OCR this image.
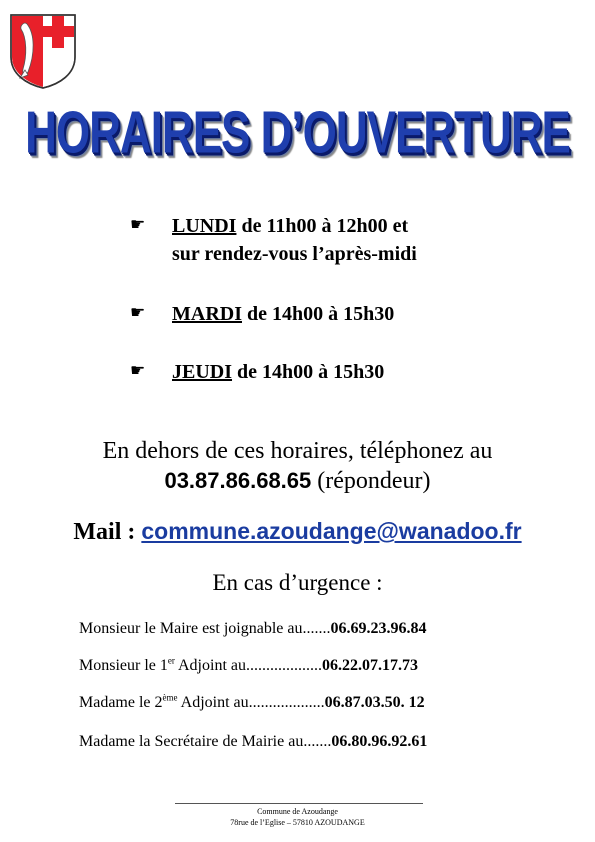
HORAIRES D’OUVERTURE
☛	LUNDI de 11h00 à 12h00 et
sur rendez-vous l’après-midi
☛	MARDI de 14h00 à 15h30
☛	JEUDI de 14h00 à 15h30
En dehors de ces horaires, téléphonez au
03.87.86.68.65 (répondeur)
Mail : commune.azoudange@wanadoo.fr
En cas d’urgence :
Monsieur le Maire est joignable au ....... 06.69.23.96.84
Monsieur le 1er Adjoint au ................... 06.22.07.17.73
Madame le 2ème Adjoint au ................... 06.87.03.50. 12
Madame la Secrétaire de Mairie au ....... 06.80.96.92.61
Commune de Azoudange
78rue de l’Eglise – 57810 AZOUDANGE
